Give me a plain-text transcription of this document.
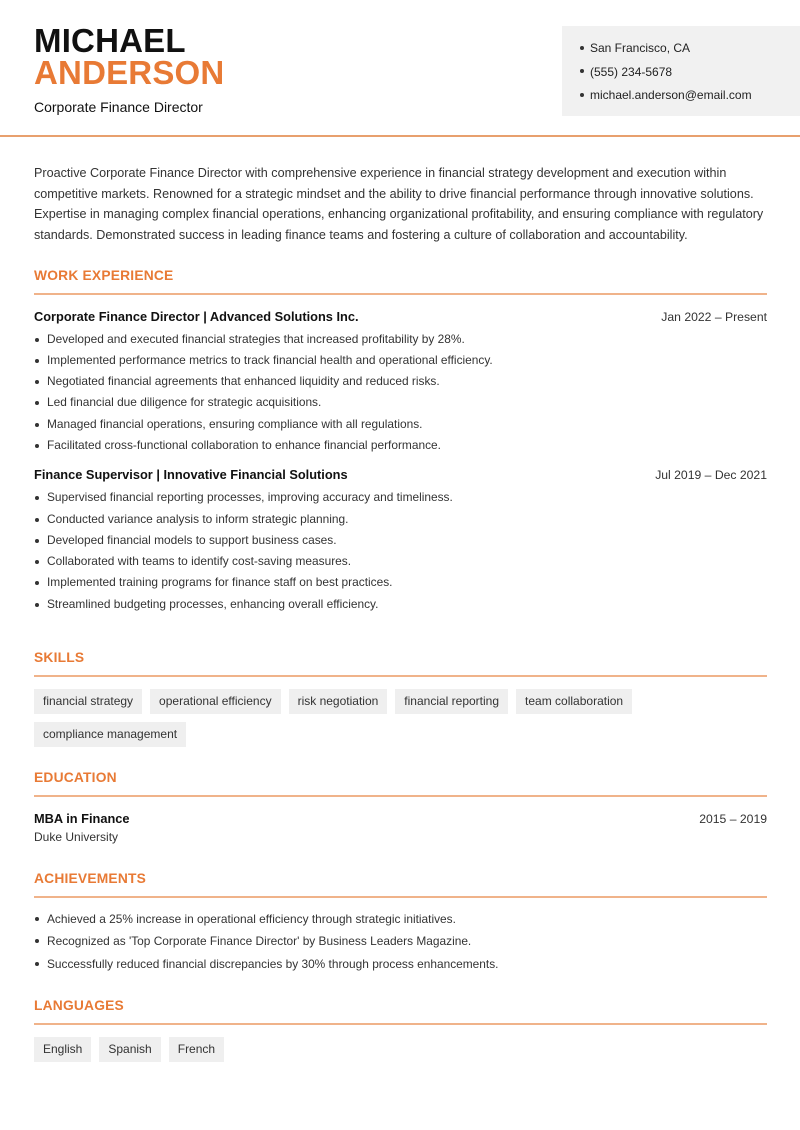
MICHAEL
ANDERSON
Corporate Finance Director
San Francisco, CA
(555) 234-5678
michael.anderson@email.com

Proactive Corporate Finance Director with comprehensive experience in financial strategy development and execution within competitive markets. Renowned for a strategic mindset and the ability to drive financial performance through innovative solutions. Expertise in managing complex financial operations, enhancing organizational profitability, and ensuring compliance with regulatory standards. Demonstrated success in leading finance teams and fostering a culture of collaboration and accountability.

WORK EXPERIENCE
Corporate Finance Director | Advanced Solutions Inc.	Jan 2022 – Present
Developed and executed financial strategies that increased profitability by 28%.
Implemented performance metrics to track financial health and operational efficiency.
Negotiated financial agreements that enhanced liquidity and reduced risks.
Led financial due diligence for strategic acquisitions.
Managed financial operations, ensuring compliance with all regulations.
Facilitated cross-functional collaboration to enhance financial performance.
Finance Supervisor | Innovative Financial Solutions	Jul 2019 – Dec 2021
Supervised financial reporting processes, improving accuracy and timeliness.
Conducted variance analysis to inform strategic planning.
Developed financial models to support business cases.
Collaborated with teams to identify cost-saving measures.
Implemented training programs for finance staff on best practices.
Streamlined budgeting processes, enhancing overall efficiency.
SKILLS
financial strategy	operational efficiency	risk negotiation	financial reporting	team collaboration
compliance management
EDUCATION
MBA in Finance	2015 – 2019
Duke University
ACHIEVEMENTS
Achieved a 25% increase in operational efficiency through strategic initiatives.
Recognized as 'Top Corporate Finance Director' by Business Leaders Magazine.
Successfully reduced financial discrepancies by 30% through process enhancements.
LANGUAGES
English	Spanish	French
